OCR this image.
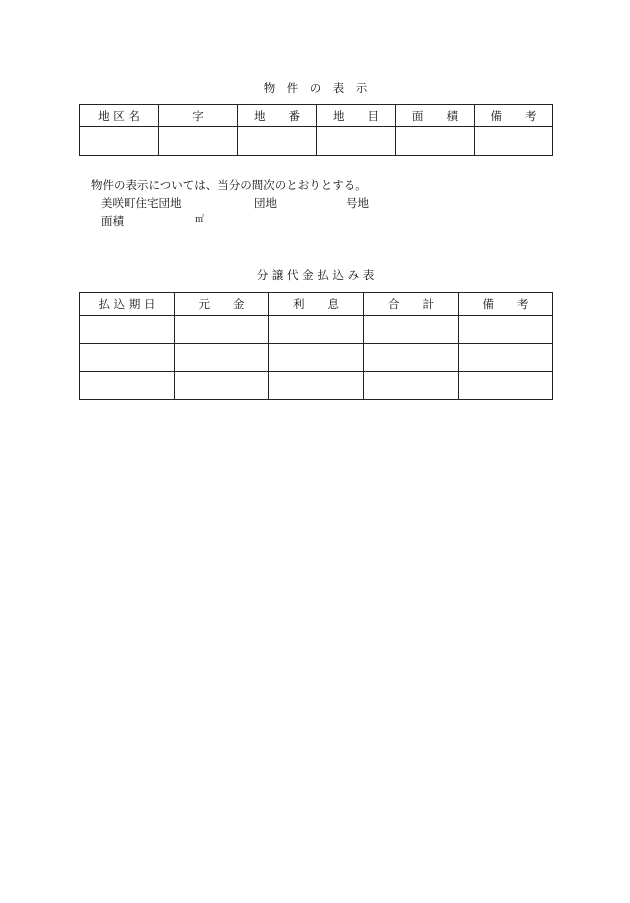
物　件　の　表　示
地 区 名	字	地　　番	地　　目	面　　積	備　　考

物件の表示については、当分の間次のとおりとする。
美咲町住宅団地	団地	号地
面積	㎡
分 譲 代 金 払 込 み 表
払 込 期 日	元　　金	利　　息	合　　計	備　　考
